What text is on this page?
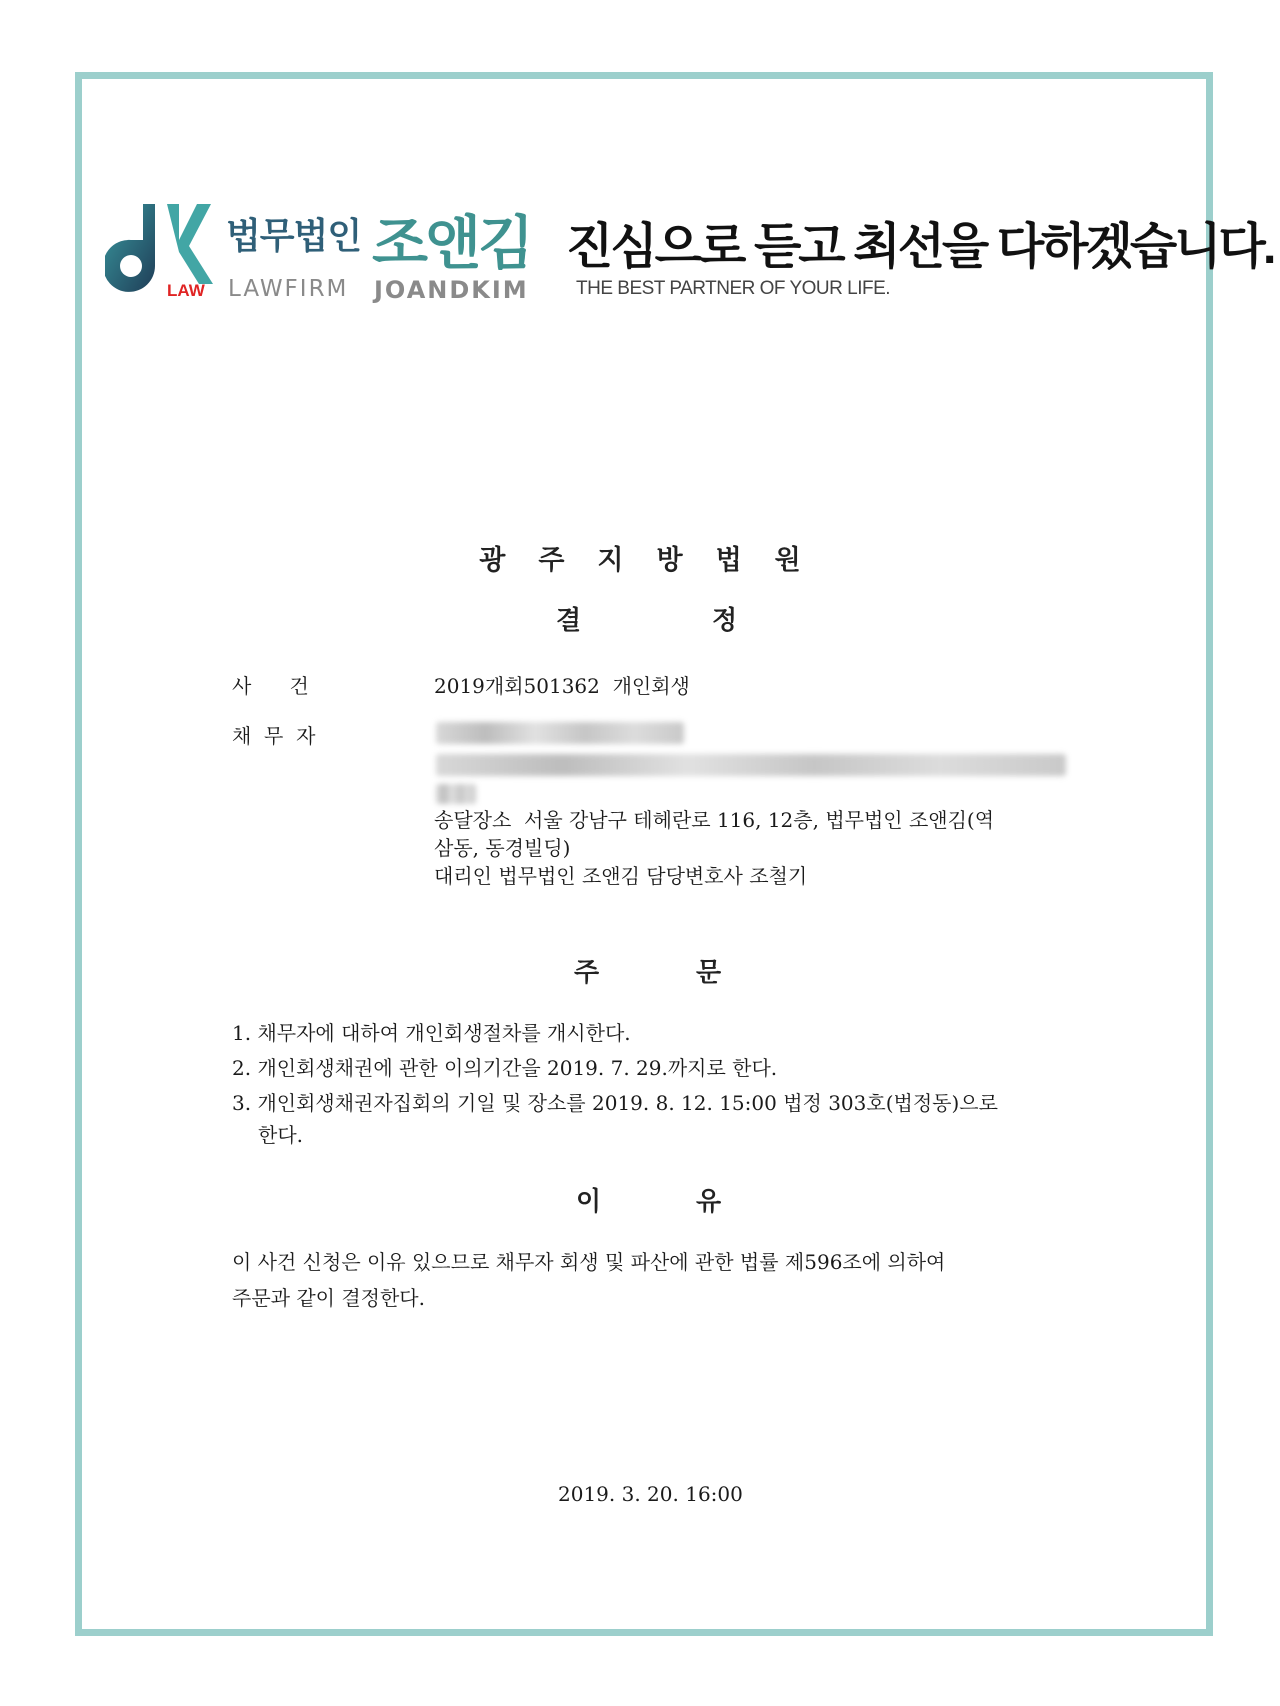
LAW
법무법인 조앤김
LAWFIRM JOANDKIM
진심으로 듣고 최선을 다하겠습니다.
THE BEST PARTNER OF YOUR LIFE.
광주지방법원
결	정
사      건	2019개회501362  개인회생
채  무  자
송달장소  서울 강남구 테헤란로 116, 12층, 법무법인 조앤김(역
삼동, 동경빌딩)
대리인 법무법인 조앤김 담당변호사 조철기
주	문
1. 채무자에 대하여 개인회생절차를 개시한다.
2. 개인회생채권에 관한 이의기간을 2019. 7. 29.까지로 한다.
3. 개인회생채권자집회의 기일 및 장소를 2019. 8. 12. 15:00 법정 303호(법정동)으로
한다.
이	유
이 사건 신청은 이유 있으므로 채무자 회생 및 파산에 관한 법률 제596조에 의하여
주문과 같이 결정한다.
2019. 3. 20. 16:00
